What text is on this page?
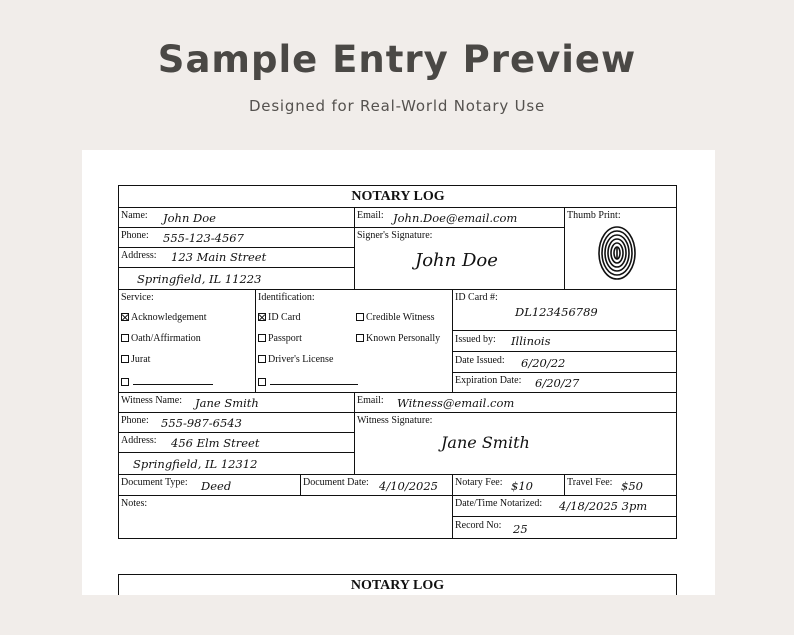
Sample Entry Preview
Designed for Real-World Notary Use
NOTARY LOG
Name: John Doe
Phone: 555-123-4567
Address: 123 Main Street
Springfield, IL 11223
Email: John.Doe@email.com
Signer's Signature:
John Doe
Thumb Print:
Service:
Acknowledgement
Oath/Affirmation
Jurat
Identification:
ID Card
Passport
Driver's License
Credible Witness
Known Personally
ID Card #:
DL123456789
Issued by: Illinois
Date Issued: 6/20/22
Expiration Date: 6/20/27
Witness Name: Jane Smith
Phone: 555-987-6543
Address: 456 Elm Street
Springfield, IL 12312
Email: Witness@email.com
Witness Signature:
Jane Smith
Document Type: Deed	Document Date: 4/10/2025 Notary Fee: $10	Travel Fee: $50
Notes:	Date/Time Notarized: 4/18/2025 3pm
Record No: 25
NOTARY LOG
